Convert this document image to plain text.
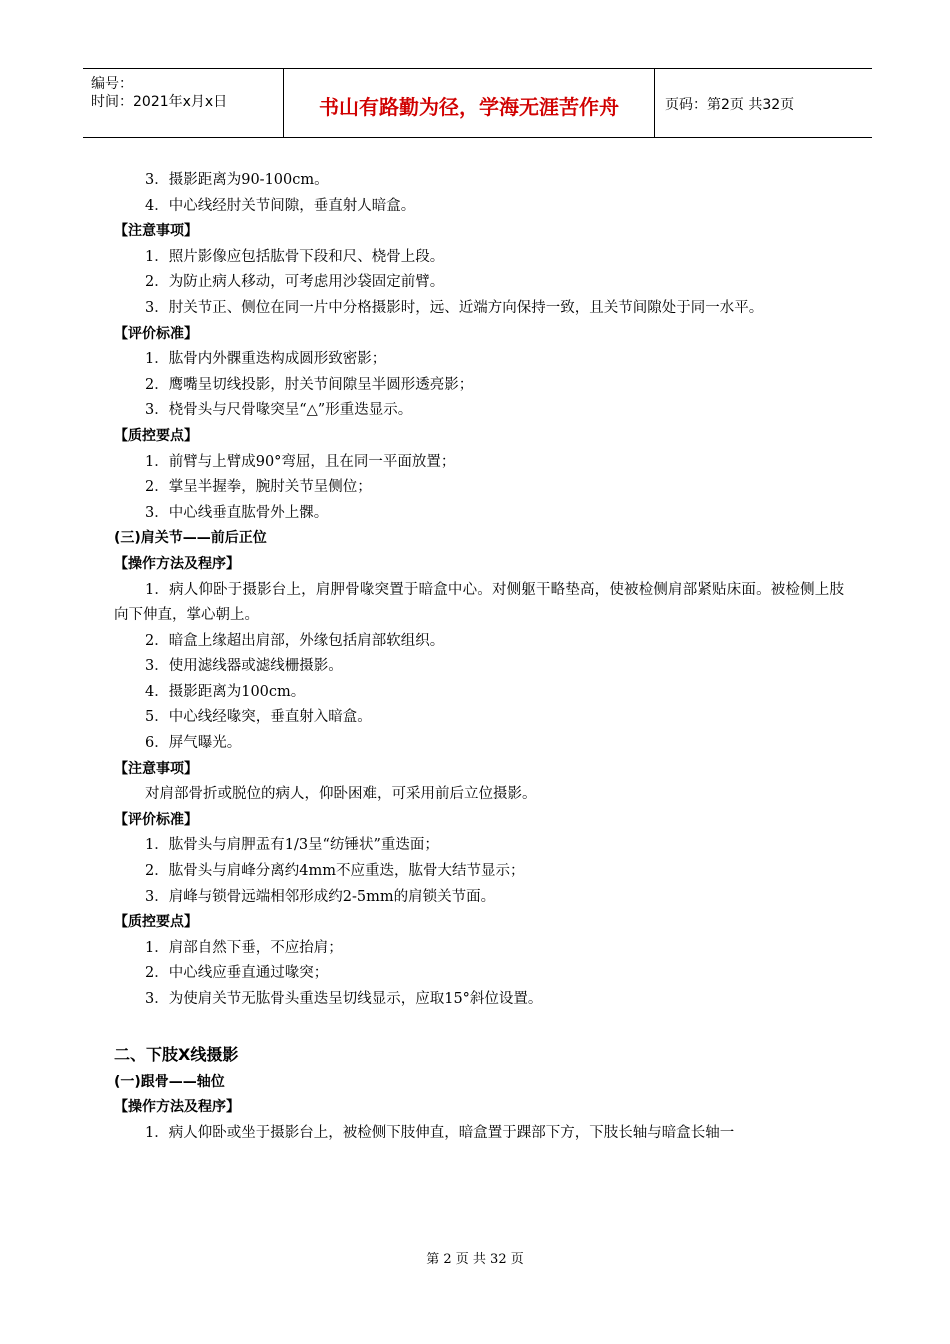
编号：
时间：2021年x月x日	书山有路勤为径，学海无涯苦作舟	页码：第2页 共32页
3．摄影距离为90-100cm。
4．中心线经肘关节间隙，垂直射人暗盒。
【注意事项】
1．照片影像应包括肱骨下段和尺、桡骨上段。
2．为防止病人移动，可考虑用沙袋固定前臂。
3．肘关节正、侧位在同一片中分格摄影时，远、近端方向保持一致，且关节间隙处于同一水平。
【评价标准】
1．肱骨内外髁重迭构成圆形致密影；
2．鹰嘴呈切线投影，肘关节间隙呈半圆形透亮影；
3．桡骨头与尺骨喙突呈“△”形重迭显示。
【质控要点】
1．前臂与上臂成90°弯屈，且在同一平面放置；
2．掌呈半握拳，腕肘关节呈侧位；
3．中心线垂直肱骨外上髁。
(三)肩关节——前后正位
【操作方法及程序】
1．病人仰卧于摄影台上，肩胛骨喙突置于暗盒中心。对侧躯干略垫高，使被检侧肩部紧贴床面。被检侧上肢向下伸直，掌心朝上。
2．暗盒上缘超出肩部，外缘包括肩部软组织。
3．使用滤线器或滤线栅摄影。
4．摄影距离为100cm。
5．中心线经喙突，垂直射入暗盒。
6．屏气曝光。
【注意事项】
对肩部骨折或脱位的病人，仰卧困难，可采用前后立位摄影。
【评价标准】
1．肱骨头与肩胛盂有1/3呈“纺锤状”重迭面；
2．肱骨头与肩峰分离约4mm不应重迭，肱骨大结节显示；
3．肩峰与锁骨远端相邻形成约2-5mm的肩锁关节面。
【质控要点】
1．肩部自然下垂，不应抬肩；
2．中心线应垂直通过喙突；
3．为使肩关节无肱骨头重迭呈切线显示，应取15°斜位设置。
二、下肢X线摄影
(一)跟骨——轴位
【操作方法及程序】
1．病人仰卧或坐于摄影台上，被检侧下肢伸直，暗盒置于踝部下方，下肢长轴与暗盒长轴一
第 2 页 共 32 页
